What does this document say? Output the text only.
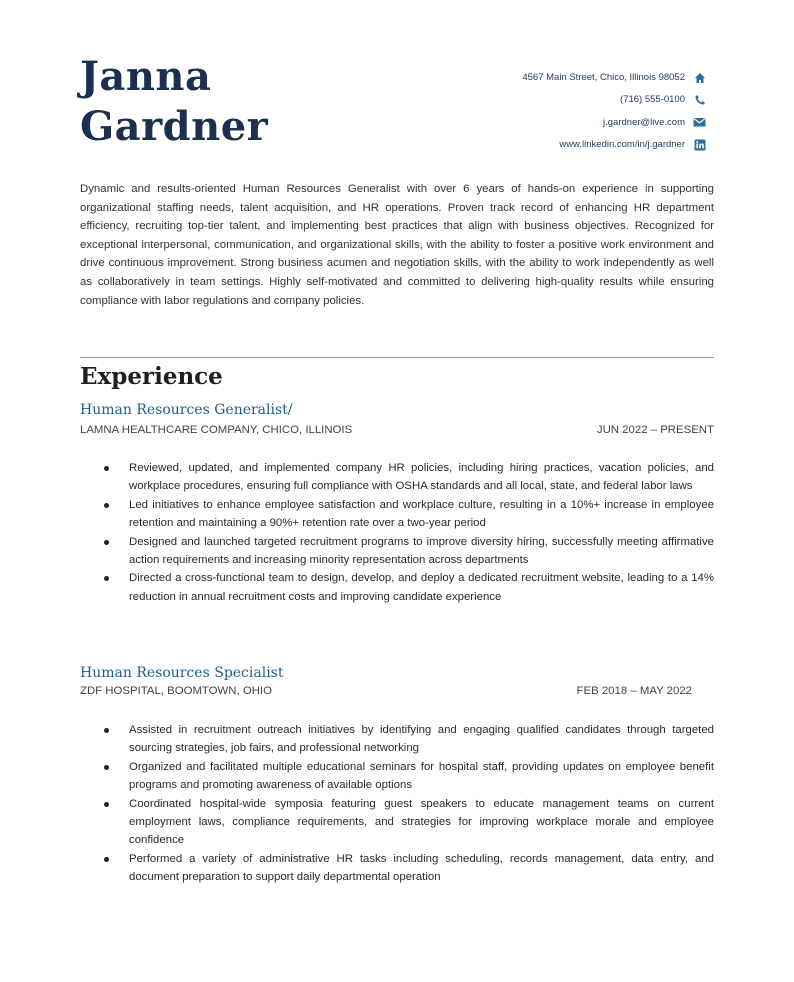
Janna
Gardner
4567 Main Street, Chico, Illinois 98052
(716) 555-0100
j.gardner@live.com
www.linkedin.com/in/j.gardner

Dynamic and results-oriented Human Resources Generalist with over 6 years of hands-on experience in supporting organizational staffing needs, talent acquisition, and HR operations. Proven track record of enhancing HR department efficiency, recruiting top-tier talent, and implementing best practices that align with business objectives. Recognized for exceptional interpersonal, communication, and organizational skills, with the ability to foster a positive work environment and drive continuous improvement. Strong business acumen and negotiation skills, with the ability to work independently as well as collaboratively in team settings. Highly self-motivated and committed to delivering high-quality results while ensuring compliance with labor regulations and company policies.

Experience
Human Resources Generalist/
LAMNA HEALTHCARE COMPANY, CHICO, ILLINOIS	JUN 2022 – PRESENT
Reviewed, updated, and implemented company HR policies, including hiring practices, vacation policies, and workplace procedures, ensuring full compliance with OSHA standards and all local, state, and federal labor laws
Led initiatives to enhance employee satisfaction and workplace culture, resulting in a 10%+ increase in employee retention and maintaining a 90%+ retention rate over a two-year period
Designed and launched targeted recruitment programs to improve diversity hiring, successfully meeting affirmative action requirements and increasing minority representation across departments
Directed a cross-functional team to design, develop, and deploy a dedicated recruitment website, leading to a 14% reduction in annual recruitment costs and improving candidate experience
Human Resources Specialist
ZDF HOSPITAL, BOOMTOWN, OHIO	FEB 2018 – MAY 2022
Assisted in recruitment outreach initiatives by identifying and engaging qualified candidates through targeted sourcing strategies, job fairs, and professional networking
Organized and facilitated multiple educational seminars for hospital staff, providing updates on employee benefit programs and promoting awareness of available options
Coordinated hospital-wide symposia featuring guest speakers to educate management teams on current employment laws, compliance requirements, and strategies for improving workplace morale and employee confidence
Performed a variety of administrative HR tasks including scheduling, records management, data entry, and document preparation to support daily departmental operation
